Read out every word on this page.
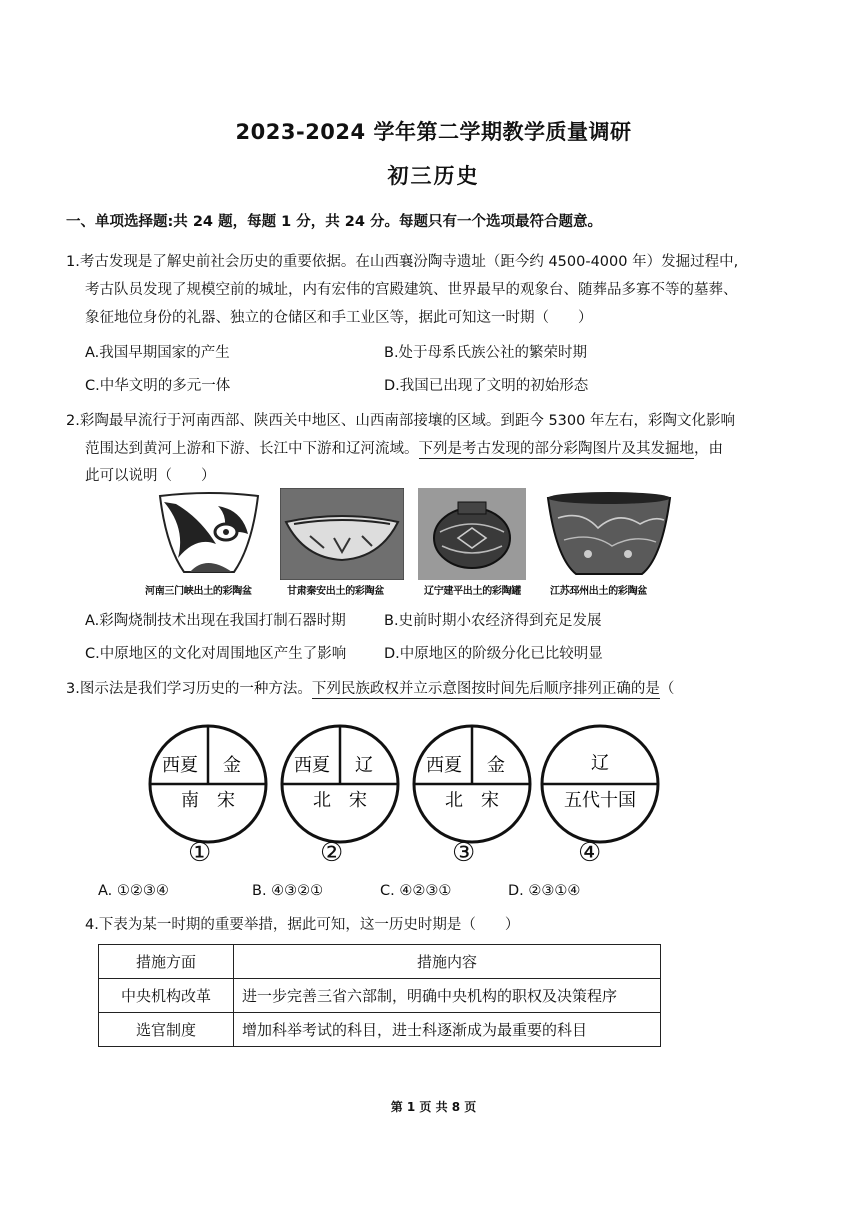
2023-2024 学年第二学期教学质量调研
初三历史
一、单项选择题:共 24 题，每题 1 分，共 24 分。每题只有一个选项最符合题意。
1.考古发现是了解史前社会历史的重要依据。在山西襄汾陶寺遗址（距今约 4500-4000 年）发掘过程中,
考古队员发现了规模空前的城址，内有宏伟的宫殿建筑、世界最早的观象台、随葬品多寡不等的墓葬、
象征地位身份的礼器、独立的仓储区和手工业区等，据此可知这一时期（　　）
A.我国早期国家的产生	B.处于母系氏族公社的繁荣时期
C.中华文明的多元一体	D.我国已出现了文明的初始形态
2.彩陶最早流行于河南西部、陕西关中地区、山西南部接壤的区域。到距今 5300 年左右，彩陶文化影响
范围达到黄河上游和下游、长江中下游和辽河流域。下列是考古发现的部分彩陶图片及其发掘地，由
此可以说明（　　）
河南三门峡出土的彩陶盆	甘肃秦安出土的彩陶盆	辽宁建平出土的彩陶罐	江苏邳州出土的彩陶盆
A.彩陶烧制技术出现在我国打制石器时期	B.史前时期小农经济得到充足发展
C.中原地区的文化对周围地区产生了影响	D.中原地区的阶级分化已比较明显
3.图示法是我们学习历史的一种方法。下列民族政权并立示意图按时间先后顺序排列正确的是（
西夏 金
南　宋
西夏 辽
北　宋
西夏 金
北　宋
辽
五代十国
①	②	③	④
A. ①②③④	B. ④③②①	C. ④②③①	D. ②③①④
4.下表为某一时期的重要举措，据此可知，这一历史时期是（　　）
措施方面	措施内容
中央机构改革	进一步完善三省六部制，明确中央机构的职权及决策程序
选官制度	增加科举考试的科目，进士科逐渐成为最重要的科目
第 1 页 共 8 页
